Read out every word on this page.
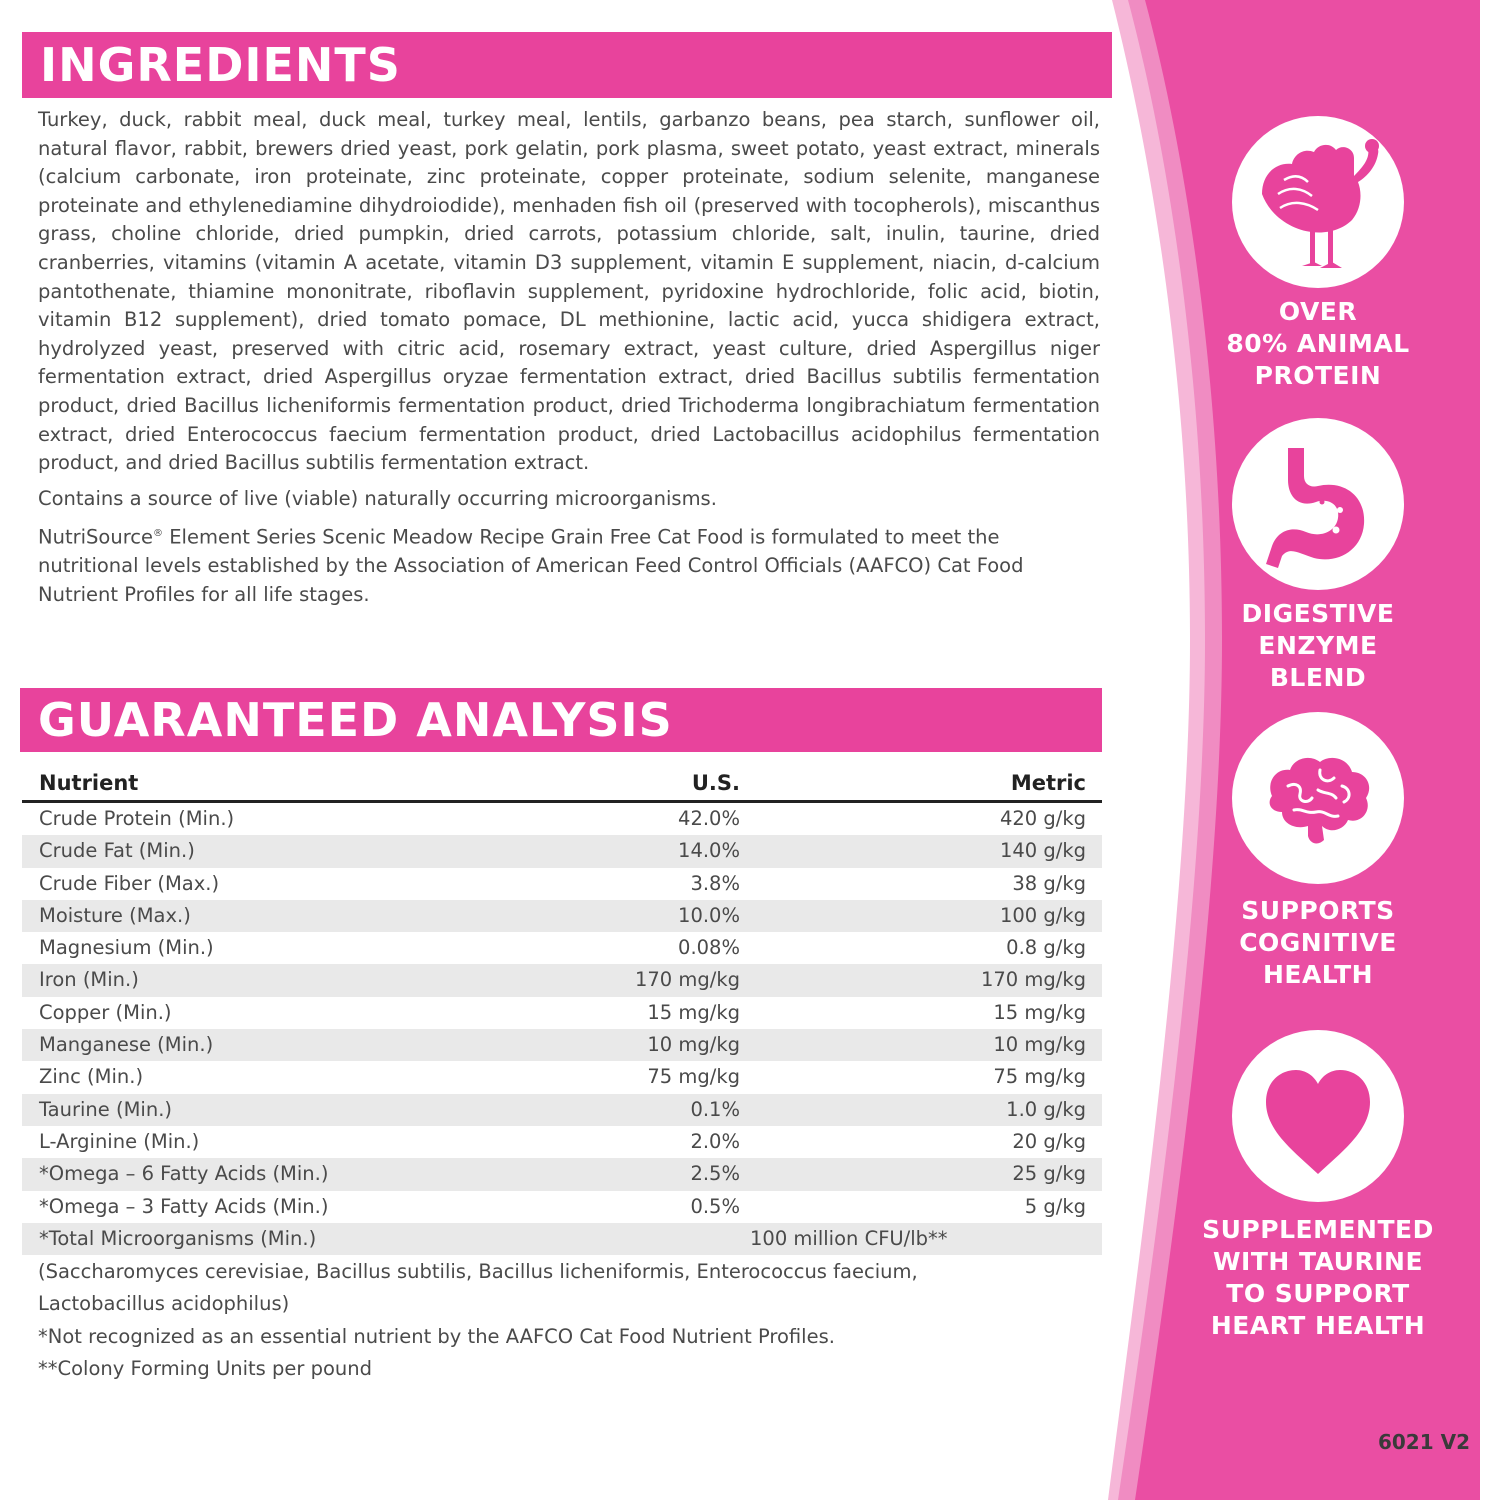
OVER
80% ANIMAL
PROTEIN
DIGESTIVE
ENZYME
BLEND
SUPPORTS
COGNITIVE
HEALTH
SUPPLEMENTED
WITH TAURINE
TO SUPPORT
HEART HEALTH
6021 V2
INGREDIENTS

Turkey, duck, rabbit meal, duck meal, turkey meal, lentils, garbanzo beans, pea starch, sunflower oil, natural flavor, rabbit, brewers dried yeast, pork gelatin, pork plasma, sweet potato, yeast extract, minerals (calcium carbonate, iron proteinate, zinc proteinate, copper proteinate, sodium selenite, manganese proteinate and ethylenediamine dihydroiodide), menhaden fish oil (preserved with tocopherols), miscanthus grass, choline chloride, dried pumpkin, dried carrots, potassium chloride, salt, inulin, taurine, dried cranberries, vitamins (vitamin A acetate, vitamin D3 supplement, vitamin E supplement, niacin, d-calcium pantothenate, thiamine mononitrate, riboflavin supplement, pyridoxine hydrochloride, folic acid, biotin, vitamin B12 supplement), dried tomato pomace, DL methionine, lactic acid, yucca shidigera extract, hydrolyzed yeast, preserved with citric acid, rosemary extract, yeast culture, dried Aspergillus niger fermentation extract, dried Aspergillus oryzae fermentation extract, dried Bacillus subtilis fermentation product, dried Bacillus licheniformis fermentation product, dried Trichoderma longibrachiatum fermentation extract, dried Enterococcus faecium fermentation product, dried Lactobacillus acidophilus fermentation product, and dried Bacillus subtilis fermentation extract.

Contains a source of live (viable) naturally occurring microorganisms.

NutriSource® Element Series Scenic Meadow Recipe Grain Free Cat Food is formulated to meet the nutritional levels established by the Association of American Feed Control Officials (AAFCO) Cat Food Nutrient Profiles for all life stages.

GUARANTEED ANALYSIS
Nutrient	U.S.	Metric
Crude Protein (Min.)	42.0%	420 g/kg
Crude Fat (Min.)	14.0%	140 g/kg
Crude Fiber (Max.)	3.8%	38 g/kg
Moisture (Max.)	10.0%	100 g/kg
Magnesium (Min.)	0.08%	0.8 g/kg
Iron (Min.)	170 mg/kg	170 mg/kg
Copper (Min.)	15 mg/kg	15 mg/kg
Manganese (Min.)	10 mg/kg	10 mg/kg
Zinc (Min.)	75 mg/kg	75 mg/kg
Taurine (Min.)	0.1%	1.0 g/kg
L-Arginine (Min.)	2.0%	20 g/kg
*Omega – 6 Fatty Acids (Min.)	2.5%	25 g/kg
*Omega – 3 Fatty Acids (Min.)	0.5%	5 g/kg
*Total Microorganisms (Min.)	100 million CFU/lb**
(Saccharomyces cerevisiae, Bacillus subtilis, Bacillus licheniformis, Enterococcus faecium,
Lactobacillus acidophilus)
*Not recognized as an essential nutrient by the AAFCO Cat Food Nutrient Profiles.
**Colony Forming Units per pound
